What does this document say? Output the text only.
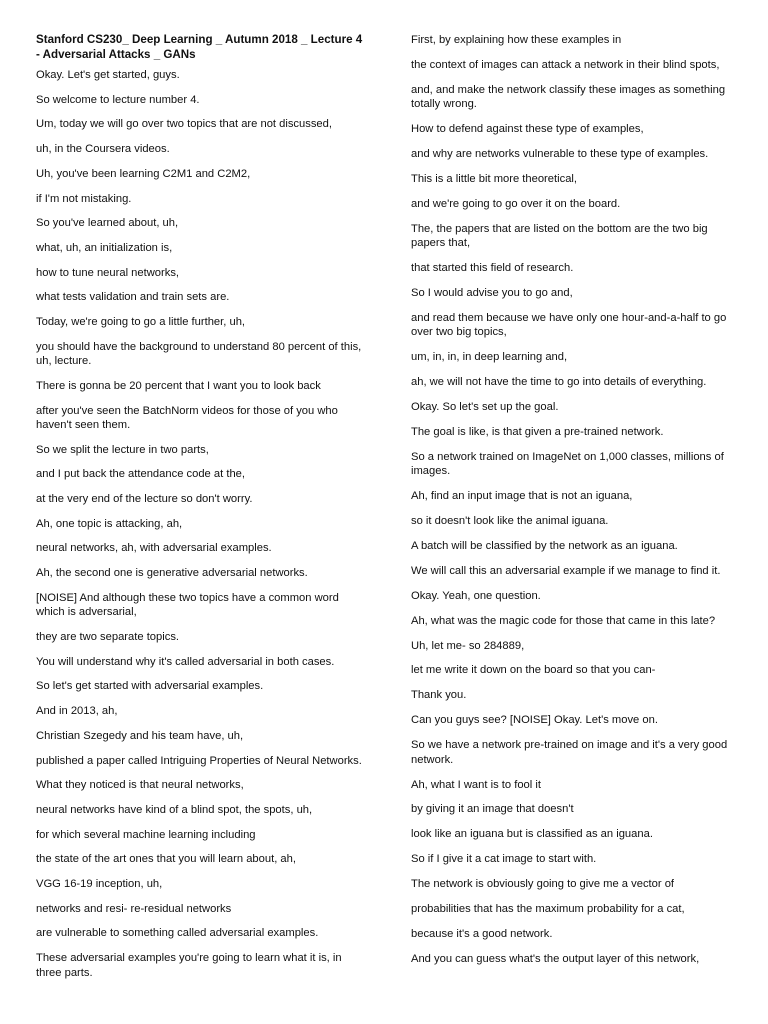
Stanford CS230_ Deep Learning _ Autumn 2018 _ Lecture 4 - Adversarial Attacks _ GANs
Okay. Let's get started, guys.
So welcome to lecture number 4.
Um, today we will go over two topics that are not discussed,
uh, in the Coursera videos.
Uh, you've been learning C2M1 and C2M2,
if I'm not mistaking.
So you've learned about, uh,
what, uh, an initialization is,
how to tune neural networks,
what tests validation and train sets are.
Today, we're going to go a little further, uh,
you should have the background to understand 80 percent of this, uh, lecture.
There is gonna be 20 percent that I want you to look back
after you've seen the BatchNorm videos for those of you who haven't seen them.
So we split the lecture in two parts,
and I put back the attendance code at the,
at the very end of the lecture so don't worry.
Ah, one topic is attacking, ah,
neural networks, ah, with adversarial examples.
Ah, the second one is generative adversarial networks.
[NOISE] And although these two topics have a common word which is adversarial,
they are two separate topics.
You will understand why it's called adversarial in both cases.
So let's get started with adversarial examples.
And in 2013, ah,
Christian Szegedy and his team have, uh,
published a paper called Intriguing Properties of Neural Networks.
What they noticed is that neural networks,
neural networks have kind of a blind spot, the spots, uh,
for which several machine learning including
the state of the art ones that you will learn about, ah,
VGG 16-19 inception, uh,
networks and resi- re-residual networks
are vulnerable to something called adversarial examples.
These adversarial examples you're going to learn what it is, in three parts.
First, by explaining how these examples in
the context of images can attack a network in their blind spots,
and, and make the network classify these images as something totally wrong.
How to defend against these type of examples,
and why are networks vulnerable to these type of examples.
This is a little bit more theoretical,
and we're going to go over it on the board.
The, the papers that are listed on the bottom are the two big papers that,
that started this field of research.
So I would advise you to go and,
and read them because we have only one hour-and-a-half to go over two big topics,
um, in, in, in deep learning and,
ah, we will not have the time to go into details of everything.
Okay. So let's set up the goal.
The goal is like, is that given a pre-trained network.
So a network trained on ImageNet on 1,000 classes, millions of images.
Ah, find an input image that is not an iguana,
so it doesn't look like the animal iguana.
A batch will be classified by the network as an iguana.
We will call this an adversarial example if we manage to find it.
Okay. Yeah, one question.
Ah, what was the magic code for those that came in this late?
Uh, let me- so 284889,
let me write it down on the board so that you can-
Thank you.
Can you guys see? [NOISE] Okay. Let's move on.
So we have a network pre-trained on image and it's a very good network.
Ah, what I want is to fool it
by giving it an image that doesn't
look like an iguana but is classified as an iguana.
So if I give it a cat image to start with.
The network is obviously going to give me a vector of
probabilities that has the maximum probability for a cat,
because it's a good network.
And you can guess what's the output layer of this network,
